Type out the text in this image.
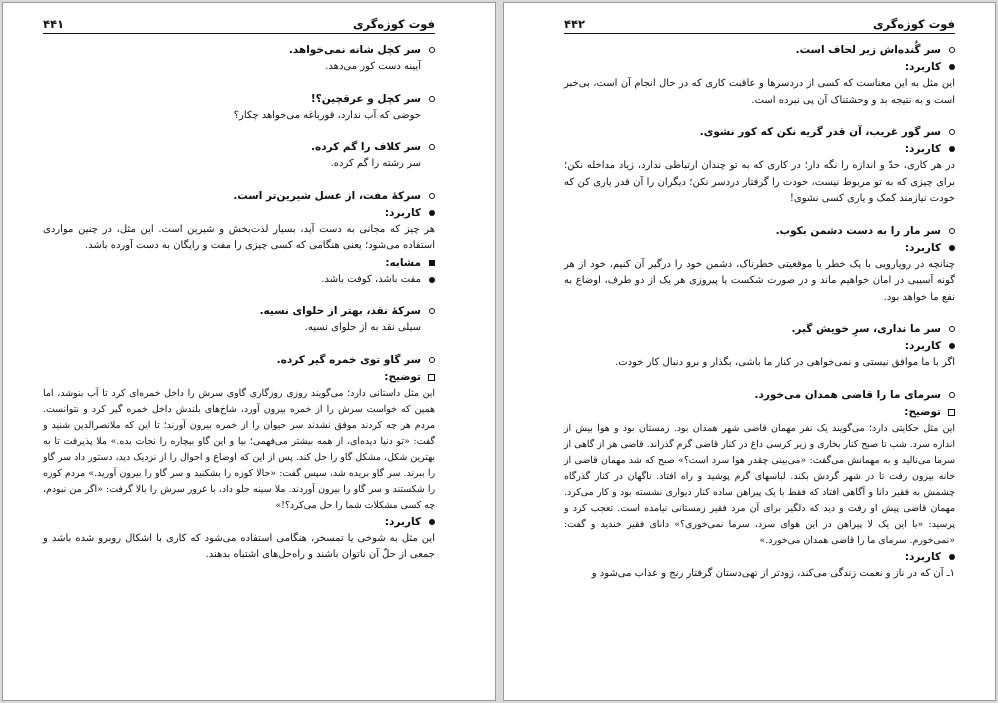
فوت کوزه‌گری
۴۴۱
سر کچل شانه نمی‌خواهد.
آیینه دست کور می‌دهد.
سر کچل و عرقچین؟!
حوضی که آب ندارد، قورباغه می‌خواهد چکار؟
سر کلاف را گم کرده.
سر رشته را گم کرده.
سرکهٔ مفت، از عسل شیرین‌تر است.
کاربرد:
هر چیز که مجانی به دست آید، بسیار لذت‌بخش و شیرین است. این مثل، در چنین مواردی استفاده می‌شود؛ یعنی هنگامی که کسی چیزی را مفت و رایگان به دست آورده باشد.
مشابه:
مفت باشد، کوفت باشد.
سرکهٔ نقد، بهتر از حلوای نسیه.
سیلی نقد به از حلوای نسیه.
سر گاو توی خمره گیر کرده.
توضیح:
این مثل داستانی دارد؛ می‌گویند روزی روزگاری گاوی سرش را داخل خمره‌ای کرد تا آب بنوشد، اما همین که خواست سرش را از خمره بیرون آورد، شاخ‌های بلندش داخل خمره گیر کرد و نتوانست. مردم هر چه کردند موفق نشدند سر حیوان را از خمره بیرون آورند؛ تا این که ملانصرالدین شنید و گفت: «تو دنیا دیده‌ای، از همه بیشتر می‌فهمی؛ بیا و این گاو بیچاره را نجات بده.» ملا پذیرفت تا به بهترین شکل، مشکل گاو را حل کند. پس از این که اوضاع و احوال را از نزدیک دید، دستور داد سر گاو را ببرند. سر گاو بریده شد، سپس گفت: «حالا کوزه را بشکنید و سر گاو را بیرون آورید.» مردم کوزه را شکستند و سر گاو را بیرون آوردند. ملا سینه جلو داد، با غرور سرش را بالا گرفت: «اگر من نبودم، چه کسی مشکلات شما را حل می‌کرد؟!»
کاربرد:
این مثل به شوخی یا تمسخر، هنگامی استفاده می‌شود که کاری با اشکال روبرو شده باشد و جمعی از حلّ آن ناتوان باشند و راه‌حل‌های اشتباه بدهند.
فوت کوزه‌گری
۴۴۲
سر گُنده‌اش زیر لحاف است.
کاربرد:
این مثل به این معناست که کسی از دردسرها و عاقبت کاری که در حال انجام آن است، بی‌خبر است و به نتیجه بد و وحشتناک آن پی نبرده است.
سر گور غریب، آن قدر گریه نکن که کور نشوی.
کاربرد:
در هر کاری، حدّ و اندازه را نگه دار؛ در کاری که به تو چندان ارتباطی ندارد، زیاد مداخله نکن؛ برای چیزی که به تو مربوط نیست، خودت را گرفتار دردسر نکن؛ دیگران را آن قدر یاری کن که خودت نیازمند کمک و یاری کسی نشوی!
سر مار را به دست دشمن بکوب.
کاربرد:
چنانچه در رویارویی با یک خطر یا موقعیتی خطرناک، دشمن خود را درگیر آن کنیم، خود از هر گونه آسیبی در امان خواهیم ماند و در صورت شکست یا پیروزی هر یک از دو طرف، اوضاع به نفع ما خواهد بود.
سر ما نداری، سرِ خویش گیر.
کاربرد:
اگر با ما موافق نیستی و نمی‌خواهی در کنار ما باشی، بگذار و برو دنبال کار خودت.
سرمای ما را قاضی همدان می‌خورد.
توضیح:
این مثل حکایتی دارد؛ می‌گویند یک نفر مهمان قاضی شهر همدان بود. زمستان بود و هوا بیش از اندازه سرد. شب تا صبح کنار بخاری و زیر کرسی داغ در کنار قاضی گرم گذراند. قاضی هر از گاهی از سرما می‌نالید و به مهمانش می‌گفت: «می‌بینی چقدر هوا سرد است؟» صبح که شد مهمان قاضی از خانه بیرون رفت تا در شهر گردش بکند. لباسهای گرم پوشید و راه افتاد. ناگهان در کنار گذرگاه چشمش به فقیر دانا و آگاهی افتاد که فقط با یک پیراهن ساده کنار دیواری نشسته بود و کار می‌کرد. مهمان قاضی پیش او رفت و دید که دلگیر برای آن مرد فقیر زمستانی نیامده است. تعجب کرد و پرسید: «با این یک لا پیراهن در این هوای سرد، سرما نمی‌خوری؟» دانای فقیر خندید و گفت: «نمی‌خورم. سرمای ما را قاضی همدان می‌خورد.»
کاربرد:
۱ـ آن که در ناز و نعمت زندگی می‌کند، زودتر از تهی‌دستان گرفتار رنج و عذاب می‌شود و
